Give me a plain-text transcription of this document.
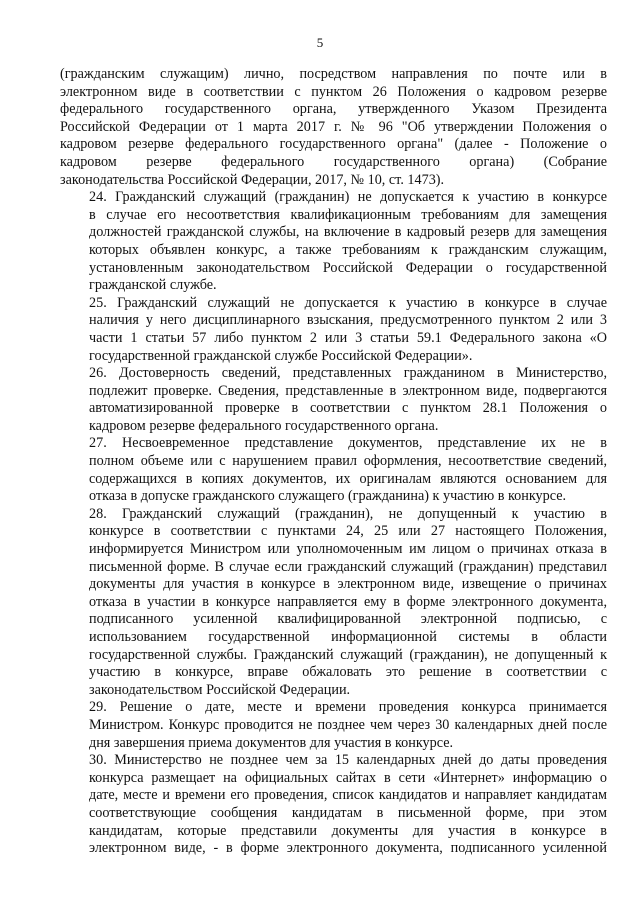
5

(гражданским служащим) лично, посредством направления по почте или в
электронном виде в соответствии с пунктом 26 Положения о кадровом резерве
федерального государственного органа, утвержденного Указом Президента
Российской Федерации от 1 марта 2017 г. № 96 "Об утверждении Положения о
кадровом резерве федерального государственного органа" (далее - Положение о
кадровом резерве федерального государственного органа) (Собрание
законодательства Российской Федерации, 2017, № 10, ст. 1473).

24. Гражданский служащий (гражданин) не допускается к участию в конкурсе
в случае его несоответствия квалификационным требованиям для замещения
должностей гражданской службы, на включение в кадровый резерв для замещения
которых объявлен конкурс, а также требованиям к гражданским служащим,
установленным законодательством Российской Федерации о государственной
гражданской службе.

25. Гражданский служащий не допускается к участию в конкурсе в случае
наличия у него дисциплинарного взыскания, предусмотренного пунктом 2 или 3
части 1 статьи 57 либо пунктом 2 или 3 статьи 59.1 Федерального закона «О
государственной гражданской службе Российской Федерации».

26. Достоверность сведений, представленных гражданином в Министерство,
подлежит проверке. Сведения, представленные в электронном виде, подвергаются
автоматизированной проверке в соответствии с пунктом 28.1 Положения о
кадровом резерве федерального государственного органа.

27. Несвоевременное представление документов, представление их не в
полном объеме или с нарушением правил оформления, несоответствие сведений,
содержащихся в копиях документов, их оригиналам являются основанием для
отказа в допуске гражданского служащего (гражданина) к участию в конкурсе.

28. Гражданский служащий (гражданин), не допущенный к участию в
конкурсе в соответствии с пунктами 24, 25 или 27 настоящего Положения,
информируется Министром или уполномоченным им лицом о причинах отказа в
письменной форме. В случае если гражданский служащий (гражданин) представил
документы для участия в конкурсе в электронном виде, извещение о причинах
отказа в участии в конкурсе направляется ему в форме электронного документа,
подписанного усиленной квалифицированной электронной подписью, с
использованием государственной информационной системы в области
государственной службы. Гражданский служащий (гражданин), не допущенный к
участию в конкурсе, вправе обжаловать это решение в соответствии с
законодательством Российской Федерации.

29. Решение о дате, месте и времени проведения конкурса принимается
Министром. Конкурс проводится не позднее чем через 30 календарных дней после
дня завершения приема документов для участия в конкурсе.

30. Министерство не позднее чем за 15 календарных дней до даты проведения
конкурса размещает на официальных сайтах в сети «Интернет» информацию о
дате, месте и времени его проведения, список кандидатов и направляет кандидатам
соответствующие сообщения кандидатам в письменной форме, при этом
кандидатам, которые представили документы для участия в конкурсе в
электронном виде, - в форме электронного документа, подписанного усиленной
